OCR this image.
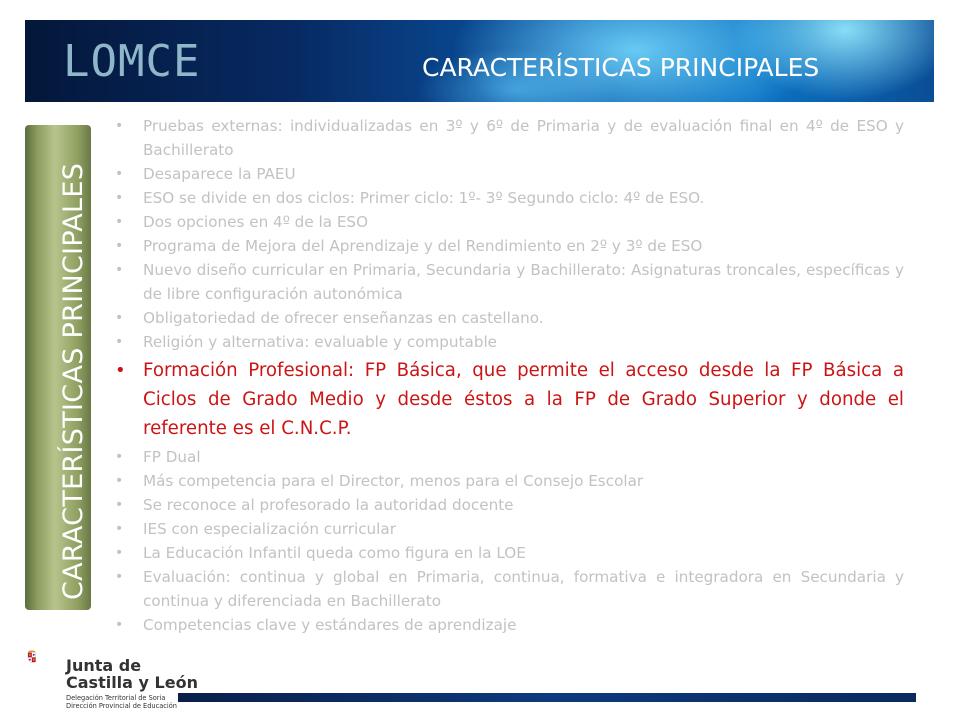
LOMCE	CARACTERÍSTICAS PRINCIPALES
CARACTERÍSTICAS PRINCIPALES
• Pruebas externas: individualizadas en 3º y 6º de Primaria y de evaluación final en 4º de ESO y Bachillerato
• Desaparece la PAEU
• ESO se divide en dos ciclos: Primer ciclo: 1º- 3º Segundo ciclo: 4º de ESO.
• Dos opciones en 4º de la ESO
• Programa de Mejora del Aprendizaje y del Rendimiento en 2º y 3º de ESO
• Nuevo diseño curricular en Primaria, Secundaria y Bachillerato: Asignaturas troncales, específicas y de libre configuración autonómica
• Obligatoriedad de ofrecer enseñanzas en castellano.
• Religión y alternativa: evaluable y computable
• Formación Profesional: FP Básica, que permite el acceso desde la FP Básica a Ciclos de Grado Medio y desde éstos a la FP de Grado Superior y donde el referente es el C.N.C.P.
• FP Dual
• Más competencia para el Director, menos para el Consejo Escolar
• Se reconoce al profesorado la autoridad docente
• IES con especialización curricular
• La Educación Infantil queda como figura en la LOE
• Evaluación: continua y global en Primaria, continua, formativa e integradora en Secundaria y continua y diferenciada en Bachillerato
• Competencias clave y estándares de aprendizaje
Junta de
Castilla y León
Delegación Territorial de Soria
Dirección Provincial de Educación
